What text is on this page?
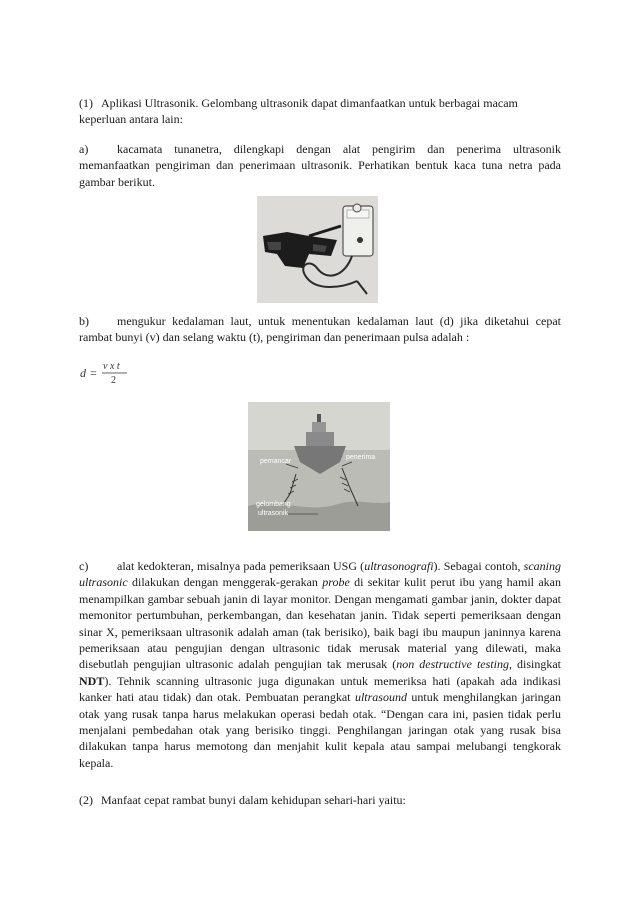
(1) Aplikasi Ultrasonik. Gelombang ultrasonik dapat dimanfaatkan untuk berbagai macam
keperluan antara lain:

a) kacamata tunanetra, dilengkapi dengan alat pengirim dan penerima ultrasonik memanfaatkan pengiriman dan penerimaan ultrasonik. Perhatikan bentuk kaca tuna netra pada gambar berikut.

b) mengukur kedalaman laut, untuk menentukan kedalaman laut (d) jika diketahui cepat rambat bunyi (v) dan selang waktu (t), pengiriman dan penerimaan pulsa adalah :

d = v x t
2
pemancar
penerima
gelombang
ultrasonik

c) alat kedokteran, misalnya pada pemeriksaan USG (ultrasonografi). Sebagai contoh, scaning ultrasonic dilakukan dengan menggerak-gerakan probe di sekitar kulit perut ibu yang hamil akan menampilkan gambar sebuah janin di layar monitor. Dengan mengamati gambar janin, dokter dapat memonitor pertumbuhan, perkembangan, dan kesehatan janin. Tidak seperti pemeriksaan dengan sinar X, pemeriksaan ultrasonik adalah aman (tak berisiko), baik bagi ibu maupun janinnya karena pemeriksaan atau pengujian dengan ultrasonic tidak merusak material yang dilewati, maka disebutlah pengujian ultrasonic adalah pengujian tak merusak (non destructive testing, disingkat NDT). Tehnik scanning ultrasonic juga digunakan untuk memeriksa hati (apakah ada indikasi kanker hati atau tidak) dan otak. Pembuatan perangkat ultrasound untuk menghilangkan jaringan otak yang rusak tanpa harus melakukan operasi bedah otak. “Dengan cara ini, pasien tidak perlu menjalani pembedahan otak yang berisiko tinggi. Penghilangan jaringan otak yang rusak bisa dilakukan tanpa harus memotong dan menjahit kulit kepala atau sampai melubangi tengkorak kepala.

(2) Manfaat cepat rambat bunyi dalam kehidupan sehari-hari yaitu:
